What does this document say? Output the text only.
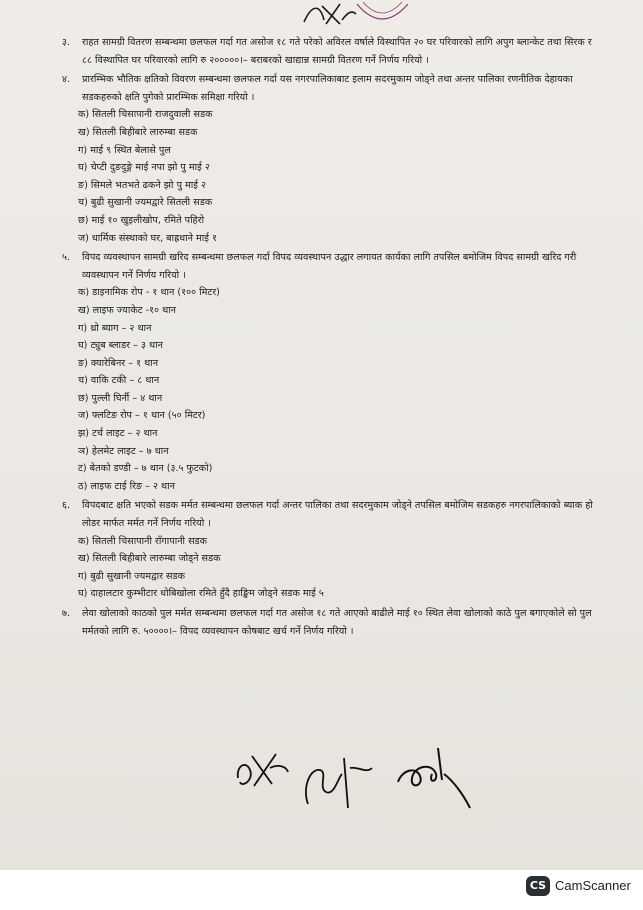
३. राहत सामग्री वितरण सम्बन्धमा छलफल गर्दा गत असोज १८ गते परेको अविरल वर्षाले विस्थापित २० घर परिवारको लागि अपुग ब्लान्केट तथा सिरक र ८८ विस्थापित घर परिवारको लागि रु २०००००।– बराबरको खाद्यान्न सामग्री वितरण गर्ने निर्णय गरियो ।
४. प्रारम्भिक भौतिक क्षतिको विवरण सम्बन्धमा छलफल गर्दा यस नगरपालिकाबाट इलाम सदरमुकाम जोड्ने तथा अन्तर पालिका रणनीतिक देहायका सडकहरुको क्षति पुगेको प्रारम्भिक समिक्षा गरियो ।
क) सितली चिसापानी राजदुवाली सडक
ख) सितली बिहीबारे लारुम्बा सडक
ग) माई ९ स्थित बेलासे पुल
घ) चेप्टी दुङदुङ्गे माई नपा झो पु माई २
ङ) सिमले भतभते ढकने झो पु माई २
च) बुढी सुखानी ज्यमद्वारे सितली सडक
छ) माई १० खुइलीखोप, रमिते पहिरो
ज) धार्मिक संस्थाको घर, बाह्रधाने माई १
५. विपद व्यवस्थापन सामग्री खरिद सम्बन्धमा छलफल गर्दा विपद व्यवस्थापन उद्धार लगायत कार्यका लागि तपसिल बमोजिम विपद सामग्री खरिद गरी व्यवस्थापन गर्ने निर्णय गरियो ।
क) डाइनामिक रोप - १ थान (१०० मिटर)
ख) लाइफ ज्याकेट -१० थान
ग) थ्रो ब्याग – २ थान
घ) ट्युब ब्लाडर – ३ थान
ङ) क्यारेबिनर – १ थान
च) वाकि टकी – ८ थान
छ) पुल्ली घिर्नी – ४ थान
ज) फ्लटिङ रोप – १ थान (५० मिटर)
झ) टर्च लाइट – २ थान
ञ) हेलमेट लाइट – ७ थान
ट) बेतको डण्डी – ७ थान (३.५ फुटको)
ठ) लाइफ टाई रिङ – २ थान
६. विपदबाट क्षति भएको सडक मर्मत सम्बन्धमा छलफल गर्दा अन्तर पालिका तथा सदरमुकाम जोड्ने तपसिल बमोजिम सडकहरु नगरपालिकाको ब्याक हो लोडर मार्फत मर्मत गर्ने निर्णय गरियो ।
क) सितली चिसापानी राँगापानी सडक
ख) सितली बिहीबारे लारुम्बा जोड्ने सडक
ग) बुढी सुखानी ज्यमद्वार सडक
घ) दाहालटार कुम्भीटार धोबिखोला रमिते हुँदै हाङ्खिम जोड्ने सडक माई ५
७. लेवा खोलाको काठको पुल मर्मत सम्बन्धमा छलफल गर्दा गत असोज १८ गते आएको बाढीले माई १० स्थित लेवा खोलाको काठे पुल बगाएकोले सो पुल मर्मतको लागि रु. ५००००।– विपद व्यवस्थापन कोषबाट खर्च गर्ने निर्णय गरियो ।
CS CamScanner
